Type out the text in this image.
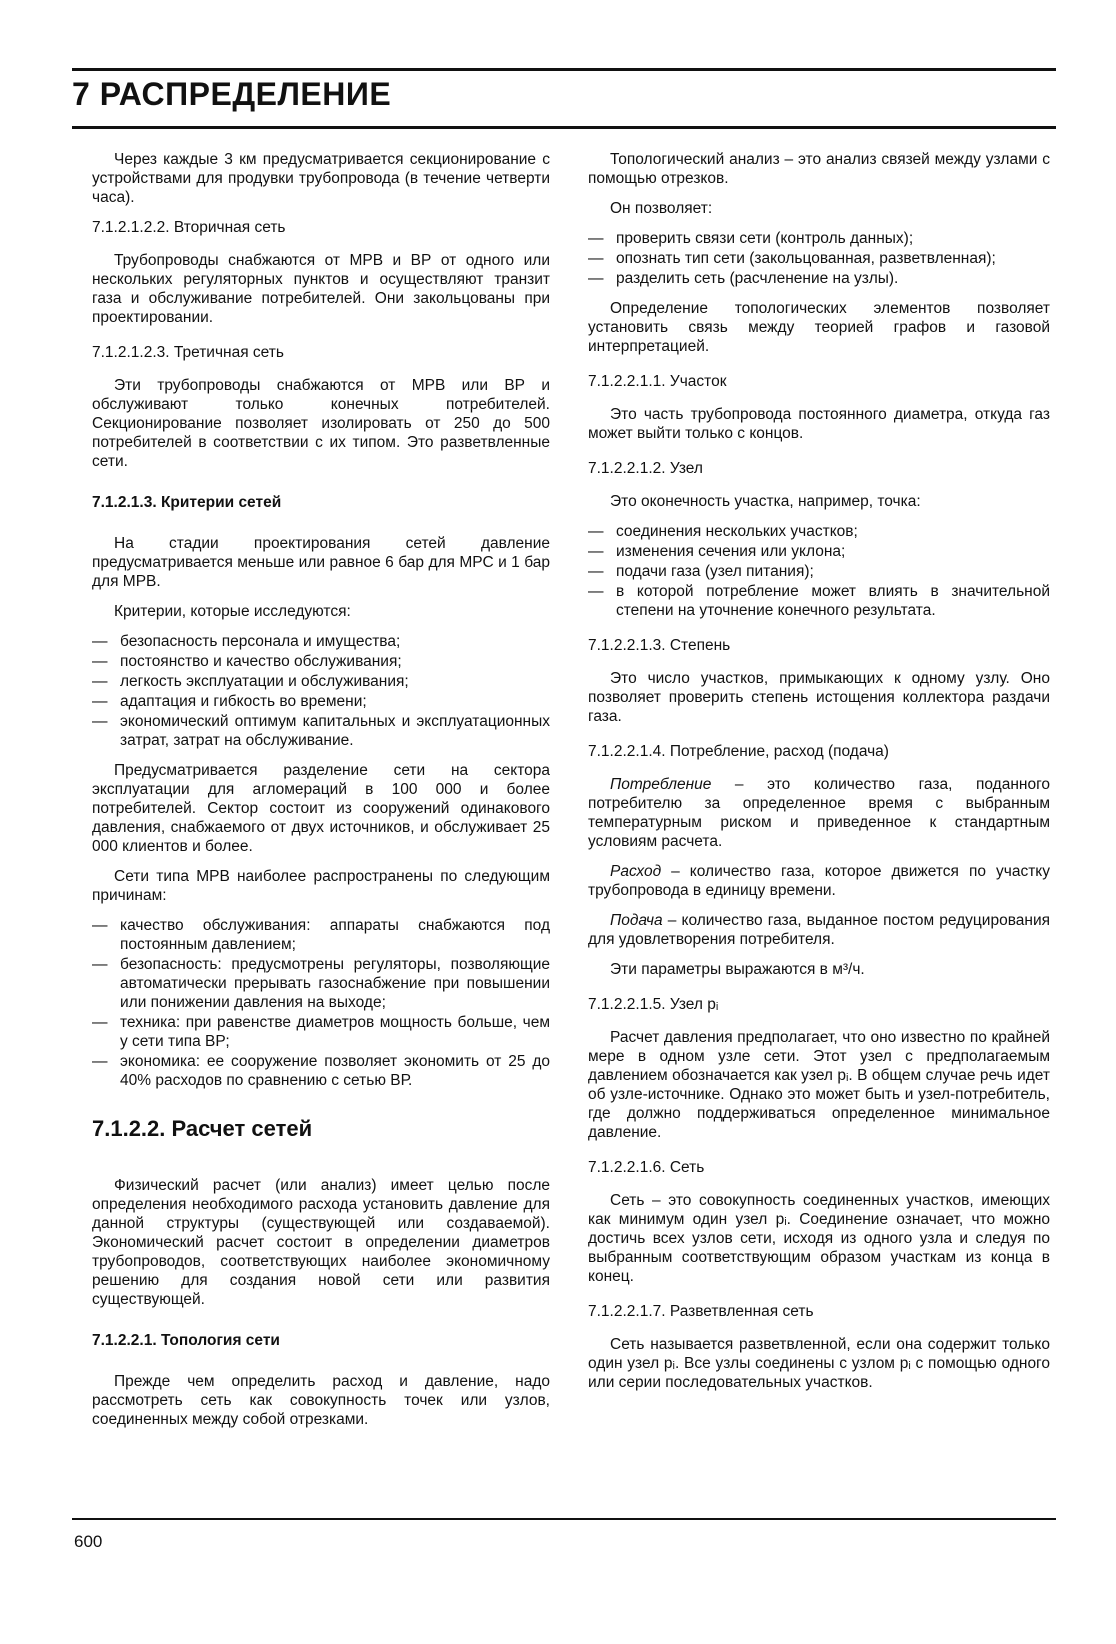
7 РАСПРЕДЕЛЕНИЕ

Через каждые 3 км предусматривается секционирование с устройствами для продувки трубопровода (в течение четверти часа).

7.1.2.1.2.2. Вторичная сеть

Трубопроводы снабжаются от МРВ и ВР от одного или нескольких регуляторных пунктов и осуществляют транзит газа и обслуживание потребителей. Они закольцованы при проектировании.

7.1.2.1.2.3. Третичная сеть

Эти трубопроводы снабжаются от МРВ или ВР и обслуживают только конечных потребителей. Секционирование позволяет изолировать от 250 до 500 потребителей в соответствии с их типом. Это разветвленные сети.

7.1.2.1.3. Критерии сетей

На стадии проектирования сетей давление предусматривается меньше или равное 6 бар для МРС и 1 бар для МРВ.

Критерии, которые исследуются:

— безопасность персонала и имущества;
— постоянство и качество обслуживания;
— легкость эксплуатации и обслуживания;
— адаптация и гибкость во времени;
— экономический оптимум капитальных и эксплуатационных затрат, затрат на обслуживание.

Предусматривается разделение сети на сектора эксплуатации для агломераций в 100 000 и более потребителей. Сектор состоит из сооружений одинакового давления, снабжаемого от двух источников, и обслуживает 25 000 клиентов и более.

Сети типа МРВ наиболее распространены по следующим причинам:

— качество обслуживания: аппараты снабжаются под постоянным давлением;
— безопасность: предусмотрены регуляторы, позволяющие автоматически прерывать газоснабжение при повышении или понижении давления на выходе;
— техника: при равенстве диаметров мощность больше, чем у сети типа ВР;
— экономика: ее сооружение позволяет экономить от 25 до 40% расходов по сравнению с сетью ВР.
7.1.2.2. Расчет сетей

Физический расчет (или анализ) имеет целью после определения необходимого расхода установить давление для данной структуры (существующей или создаваемой). Экономический расчет состоит в определении диаметров трубопроводов, соответствующих наиболее экономичному решению для создания новой сети или развития существующей.

7.1.2.2.1. Топология сети

Прежде чем определить расход и давление, надо рассмотреть сеть как совокупность точек или узлов, соединенных между собой отрезками.

Топологический анализ – это анализ связей между узлами с помощью отрезков.

Он позволяет:

— проверить связи сети (контроль данных);
— опознать тип сети (закольцованная, разветвленная);
— разделить сеть (расчленение на узлы).

Определение топологических элементов позволяет установить связь между теорией графов и газовой интерпретацией.

7.1.2.2.1.1. Участок

Это часть трубопровода постоянного диаметра, откуда газ может выйти только с концов.

7.1.2.2.1.2. Узел

Это оконечность участка, например, точка:

— соединения нескольких участков;
— изменения сечения или уклона;
— подачи газа (узел питания);
— в которой потребление может влиять в значительной степени на уточнение конечного результата.
7.1.2.2.1.3. Степень

Это число участков, примыкающих к одному узлу. Оно позволяет проверить степень истощения коллектора раздачи газа.

7.1.2.2.1.4. Потребление, расход (подача)

Потребление – это количество газа, поданного потребителю за определенное время с выбранным температурным риском и приведенное к стандартным условиям расчета.

Расход – количество газа, которое движется по участку трубопровода в единицу времени.

Подача – количество газа, выданное постом редуцирования для удовлетворения потребителя.

Эти параметры выражаются в м³/ч.

7.1.2.2.1.5. Узел pᵢ

Расчет давления предполагает, что оно известно по крайней мере в одном узле сети. Этот узел с предполагаемым давлением обозначается как узел pᵢ. В общем случае речь идет об узле-источнике. Однако это может быть и узел-потребитель, где должно поддерживаться определенное минимальное давление.

7.1.2.2.1.6. Сеть

Сеть – это совокупность соединенных участков, имеющих как минимум один узел pᵢ. Соединение означает, что можно достичь всех узлов сети, исходя из одного узла и следуя по выбранным соответствующим образом участкам из конца в конец.

7.1.2.2.1.7. Разветвленная сеть

Сеть называется разветвленной, если она содержит только один узел pᵢ. Все узлы соединены с узлом pᵢ с помощью одного или серии последовательных участков.

600
